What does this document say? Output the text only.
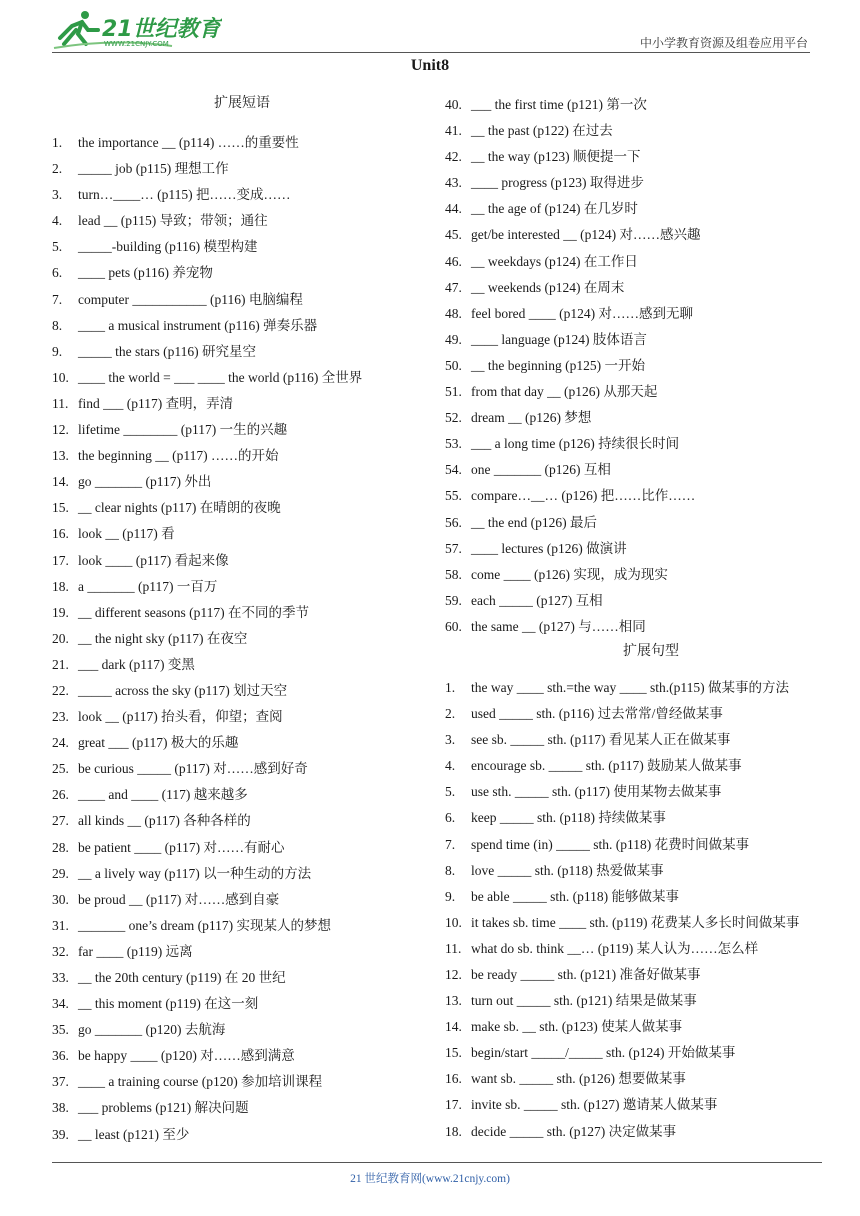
21世纪教育
WWW.21CNJY.COM	中小学教育资源及组卷应用平台
Unit8
扩展短语
1. the importance __ (p114) ……的重要性
2. _____ job (p115) 理想工作
3. turn…____… (p115) 把……变成……
4. lead __ (p115) 导致；带领；通往
5. _____-building (p116) 模型构建
6. ____ pets (p116) 养宠物
7. computer ___________ (p116) 电脑编程
8. ____ a musical instrument (p116) 弹奏乐器
9. _____ the stars (p116) 研究星空
10. ____ the world = ___ ____ the world (p116) 全世界
11. find ___ (p117) 查明，弄清
12. lifetime ________ (p117) 一生的兴趣
13. the beginning __ (p117) ……的开始
14. go _______ (p117) 外出
15. __ clear nights (p117) 在晴朗的夜晚
16. look __ (p117) 看
17. look ____ (p117) 看起来像
18. a _______ (p117) 一百万
19. __ different seasons (p117) 在不同的季节
20. __ the night sky (p117) 在夜空
21. ___ dark (p117) 变黑
22. _____ across the sky (p117) 划过天空
23. look __ (p117) 抬头看，仰望；查阅
24. great ___ (p117) 极大的乐趣
25. be curious _____ (p117) 对……感到好奇
26. ____ and ____ (117) 越来越多
27. all kinds __ (p117) 各种各样的
28. be patient ____ (p117) 对……有耐心
29. __ a lively way (p117) 以一种生动的方法
30. be proud __ (p117) 对……感到自豪
31. _______ one’s dream (p117) 实现某人的梦想
32. far ____ (p119) 远离
33. __ the 20th century (p119) 在 20 世纪
34. __ this moment (p119) 在这一刻
35. go _______ (p120) 去航海
36. be happy ____ (p120) 对……感到满意
37. ____ a training course (p120) 参加培训课程
38. ___ problems (p121) 解决问题
39. __ least (p121) 至少
40. ___ the first time (p121) 第一次
41. __ the past (p122) 在过去
42. __ the way (p123) 顺便提一下
43. ____ progress (p123) 取得进步
44. __ the age of (p124) 在几岁时
45. get/be interested __ (p124) 对……感兴趣
46. __ weekdays (p124) 在工作日
47. __ weekends (p124) 在周末
48. feel bored ____ (p124) 对……感到无聊
49. ____ language (p124) 肢体语言
50. __ the beginning (p125) 一开始
51. from that day __ (p126) 从那天起
52. dream __ (p126) 梦想
53. ___ a long time (p126) 持续很长时间
54. one _______ (p126) 互相
55. compare…__… (p126) 把……比作……
56. __ the end (p126) 最后
57. ____ lectures (p126) 做演讲
58. come ____ (p126) 实现，成为现实
59. each _____ (p127) 互相
60. the same __ (p127) 与……相同
扩展句型
1. the way ____ sth.=the way ____ sth.(p115) 做某事的方法
2. used _____ sth. (p116) 过去常常/曾经做某事
3. see sb. _____ sth. (p117) 看见某人正在做某事
4. encourage sb. _____ sth. (p117) 鼓励某人做某事
5. use sth. _____ sth. (p117) 使用某物去做某事
6. keep _____ sth. (p118) 持续做某事
7. spend time (in) _____ sth. (p118) 花费时间做某事
8. love _____ sth. (p118) 热爱做某事
9. be able _____ sth. (p118) 能够做某事
10. it takes sb. time ____ sth. (p119) 花费某人多长时间做某事
11. what do sb. think __… (p119) 某人认为……怎么样
12. be ready _____ sth. (p121) 准备好做某事
13. turn out _____ sth. (p121) 结果是做某事
14. make sb. __ sth. (p123) 使某人做某事
15. begin/start _____/_____ sth. (p124) 开始做某事
16. want sb. _____ sth. (p126) 想要做某事
17. invite sb. _____ sth. (p127) 邀请某人做某事
18. decide _____ sth. (p127) 决定做某事
21 世纪教育网(www.21cnjy.com)
